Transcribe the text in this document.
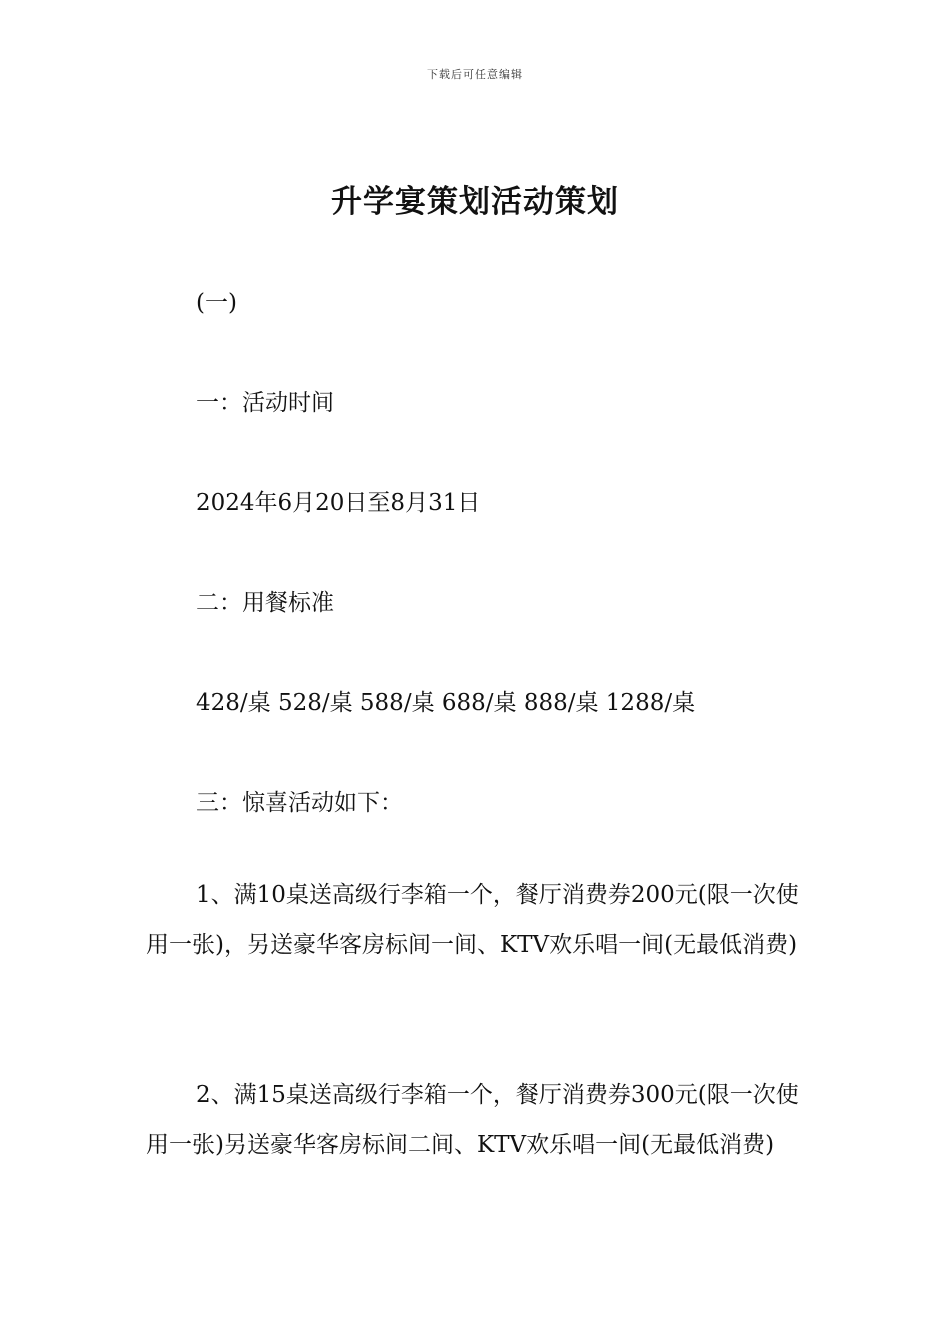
下载后可任意编辑
升学宴策划活动策划
(一)
一：活动时间
2024年6月20日至8月31日
二：用餐标准
428/桌 528/桌 588/桌 688/桌 888/桌 1288/桌
三：惊喜活动如下：
1、满10桌送高级行李箱一个，餐厅消费券200元(限一次使用一张)，另送豪华客房标间一间、KTV欢乐唱一间(无最低消费)
2、满15桌送高级行李箱一个，餐厅消费券300元(限一次使用一张)另送豪华客房标间二间、KTV欢乐唱一间(无最低消费)
